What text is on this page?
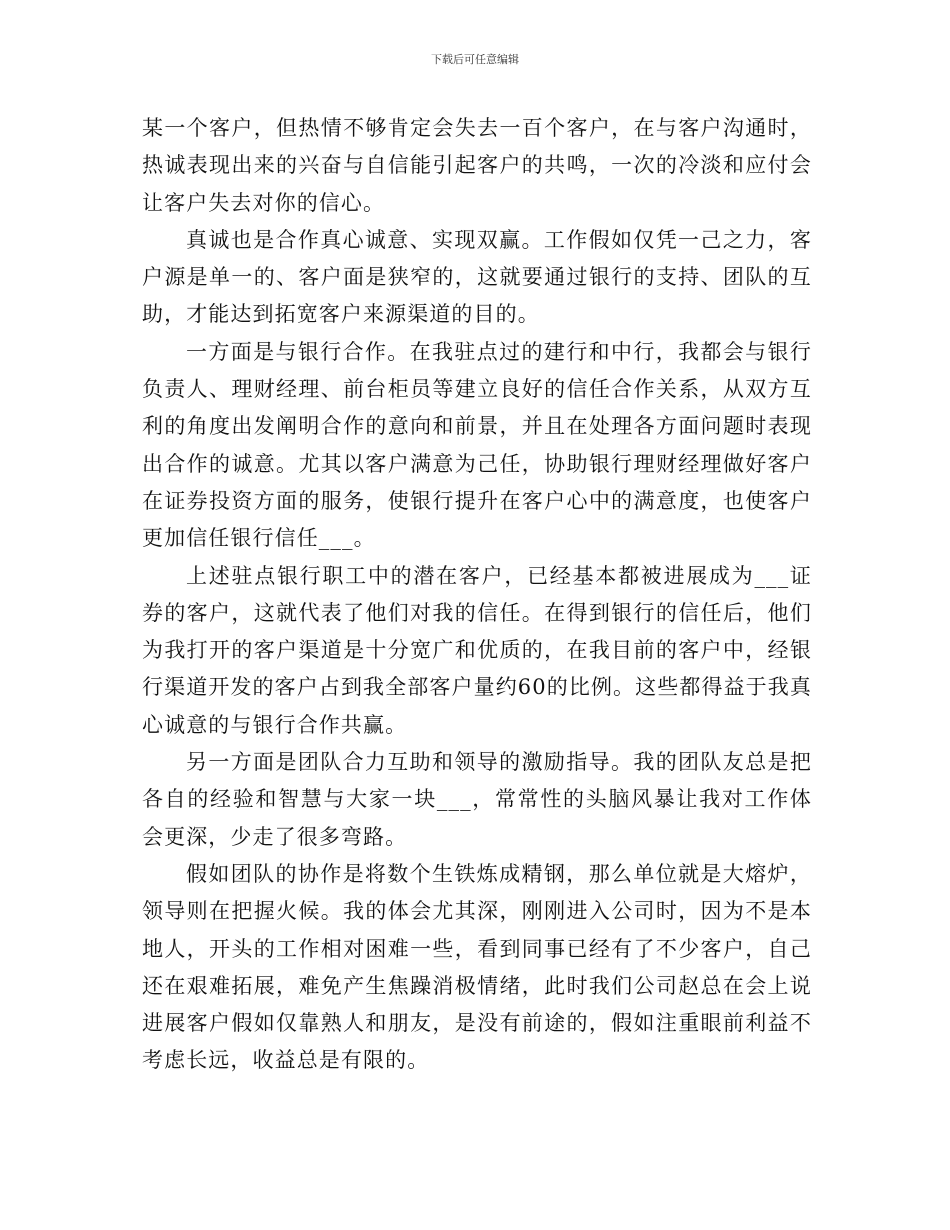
下载后可任意编辑

某一个客户，但热情不够肯定会失去一百个客户，在与客户沟通时，热诚表现出来的兴奋与自信能引起客户的共鸣，一次的冷淡和应付会让客户失去对你的信心。

真诚也是合作真心诚意、实现双赢。工作假如仅凭一己之力，客户源是单一的、客户面是狭窄的，这就要通过银行的支持、团队的互助，才能达到拓宽客户来源渠道的目的。

一方面是与银行合作。在我驻点过的建行和中行，我都会与银行负责人、理财经理、前台柜员等建立良好的信任合作关系，从双方互利的角度出发阐明合作的意向和前景，并且在处理各方面问题时表现出合作的诚意。尤其以客户满意为己任，协助银行理财经理做好客户在证券投资方面的服务，使银行提升在客户心中的满意度，也使客户更加信任银行信任___。

上述驻点银行职工中的潜在客户，已经基本都被进展成为___证券的客户，这就代表了他们对我的信任。在得到银行的信任后，他们为我打开的客户渠道是十分宽广和优质的，在我目前的客户中，经银行渠道开发的客户占到我全部客户量约60的比例。这些都得益于我真心诚意的与银行合作共赢。

另一方面是团队合力互助和领导的激励指导。我的团队友总是把各自的经验和智慧与大家一块___，常常性的头脑风暴让我对工作体会更深，少走了很多弯路。

假如团队的协作是将数个生铁炼成精钢，那么单位就是大熔炉，领导则在把握火候。我的体会尤其深，刚刚进入公司时，因为不是本地人，开头的工作相对困难一些，看到同事已经有了不少客户，自己还在艰难拓展，难免产生焦躁消极情绪，此时我们公司赵总在会上说进展客户假如仅靠熟人和朋友，是没有前途的，假如注重眼前利益不考虑长远，收益总是有限的。
